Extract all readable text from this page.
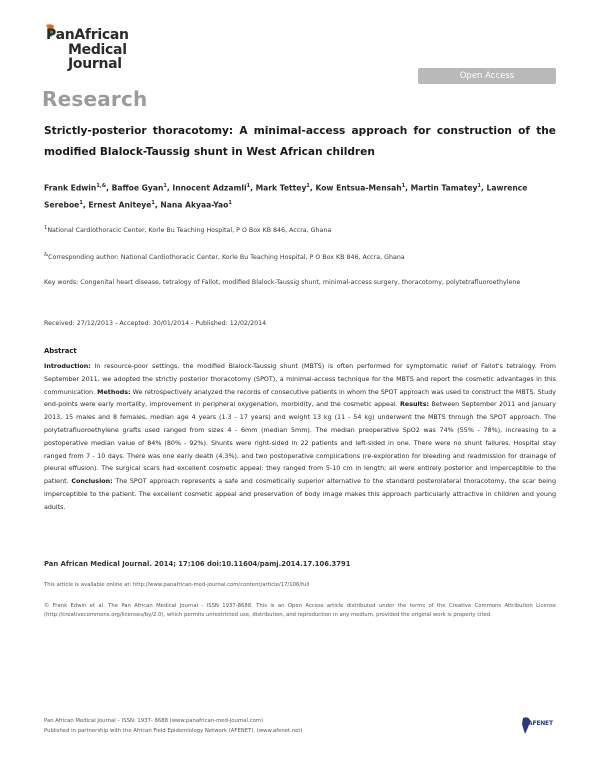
PanAfrican
Medical
Journal
Open Access
Research
Strictly-posterior thoracotomy: A minimal-access approach for construction of the modified Blalock-Taussig shunt in West African children
Frank Edwin$^{1,\&}$, Baffoe Gyan$^1$, Innocent Adzamli$^1$, Mark Tettey$^1$, Kow Entsua-Mensah$^1$, Martin Tamatey$^1$, Lawrence Sereboe$^1$, Ernest Aniteye$^1$, Nana Akyaa-Yao$^1$
$^1$National Cardiothoracic Center, Korle Bu Teaching Hospital, P O Box KB 846, Accra, Ghana
&Corresponding author: National Cardiothoracic Center, Korle Bu Teaching Hospital, P O Box KB 846, Accra, Ghana
Key words: Congenital heart disease, tetralogy of Fallot, modified Blalock-Taussig shunt, minimal-access surgery, thoracotomy, polytetrafluoroethylene
Received: 27/12/2013 - Accepted: 30/01/2014 - Published: 12/02/2014
Abstract
Introduction: In resource-poor settings, the modified Blalock-Taussig shunt (MBTS) is often performed for symptomatic relief of Fallot's tetralogy. From September 2011, we adopted the strictly posterior thoracotomy (SPOT), a minimal-access technique for the MBTS and report the cosmetic advantages in this communication. Methods: We retrospectively analyzed the records of consecutive patients in whom the SPOT approach was used to construct the MBTS. Study end-points were early mortality, improvement in peripheral oxygenation, morbidity, and the cosmetic appeal. Results: Between September 2011 and January 2013, 15 males and 8 females, median age 4 years (1.3 - 17 years) and weight 13 kg (11 - 54 kg) underwent the MBTS through the SPOT approach. The polytetrafluoroethylene grafts used ranged from sizes 4 - 6mm (median 5mm). The median preoperative SpO2 was 74% (55% - 78%), increasing to a postoperative median value of 84% (80% - 92%). Shunts were right-sided in 22 patients and left-sided in one. There were no shunt failures. Hospital stay ranged from 7 - 10 days. There was one early death (4.3%), and two postoperative complications (re-exploration for bleeding and readmission for drainage of pleural effusion). The surgical scars had excellent cosmetic appeal: they ranged from 5-10 cm in length; all were entirely posterior and imperceptible to the patient. Conclusion: The SPOT approach represents a safe and cosmetically superior alternative to the standard posterolateral thoracotomy, the scar being imperceptible to the patient. The excellent cosmetic appeal and preservation of body image makes this approach particularly attractive in children and young adults.
Pan African Medical Journal. 2014; 17:106 doi:10.11604/pamj.2014.17.106.3791
This article is available online at: http://www.panafrican-med-journal.com/content/article/17/106/full
© Frank Edwin et al. The Pan African Medical Journal - ISSN 1937-8688. This is an Open Access article distributed under the terms of the Creative Commons Attribution License (http://creativecommons.org/licenses/by/2.0), which permits unrestricted use, distribution, and reproduction in any medium, provided the original work is properly cited.
Pan African Medical Journal – ISSN: 1937- 8688 (www.panafrican-med-journal.com)
Published in partnership with the African Field Epidemiology Network (AFENET). (www.afenet.net)
AFENET
